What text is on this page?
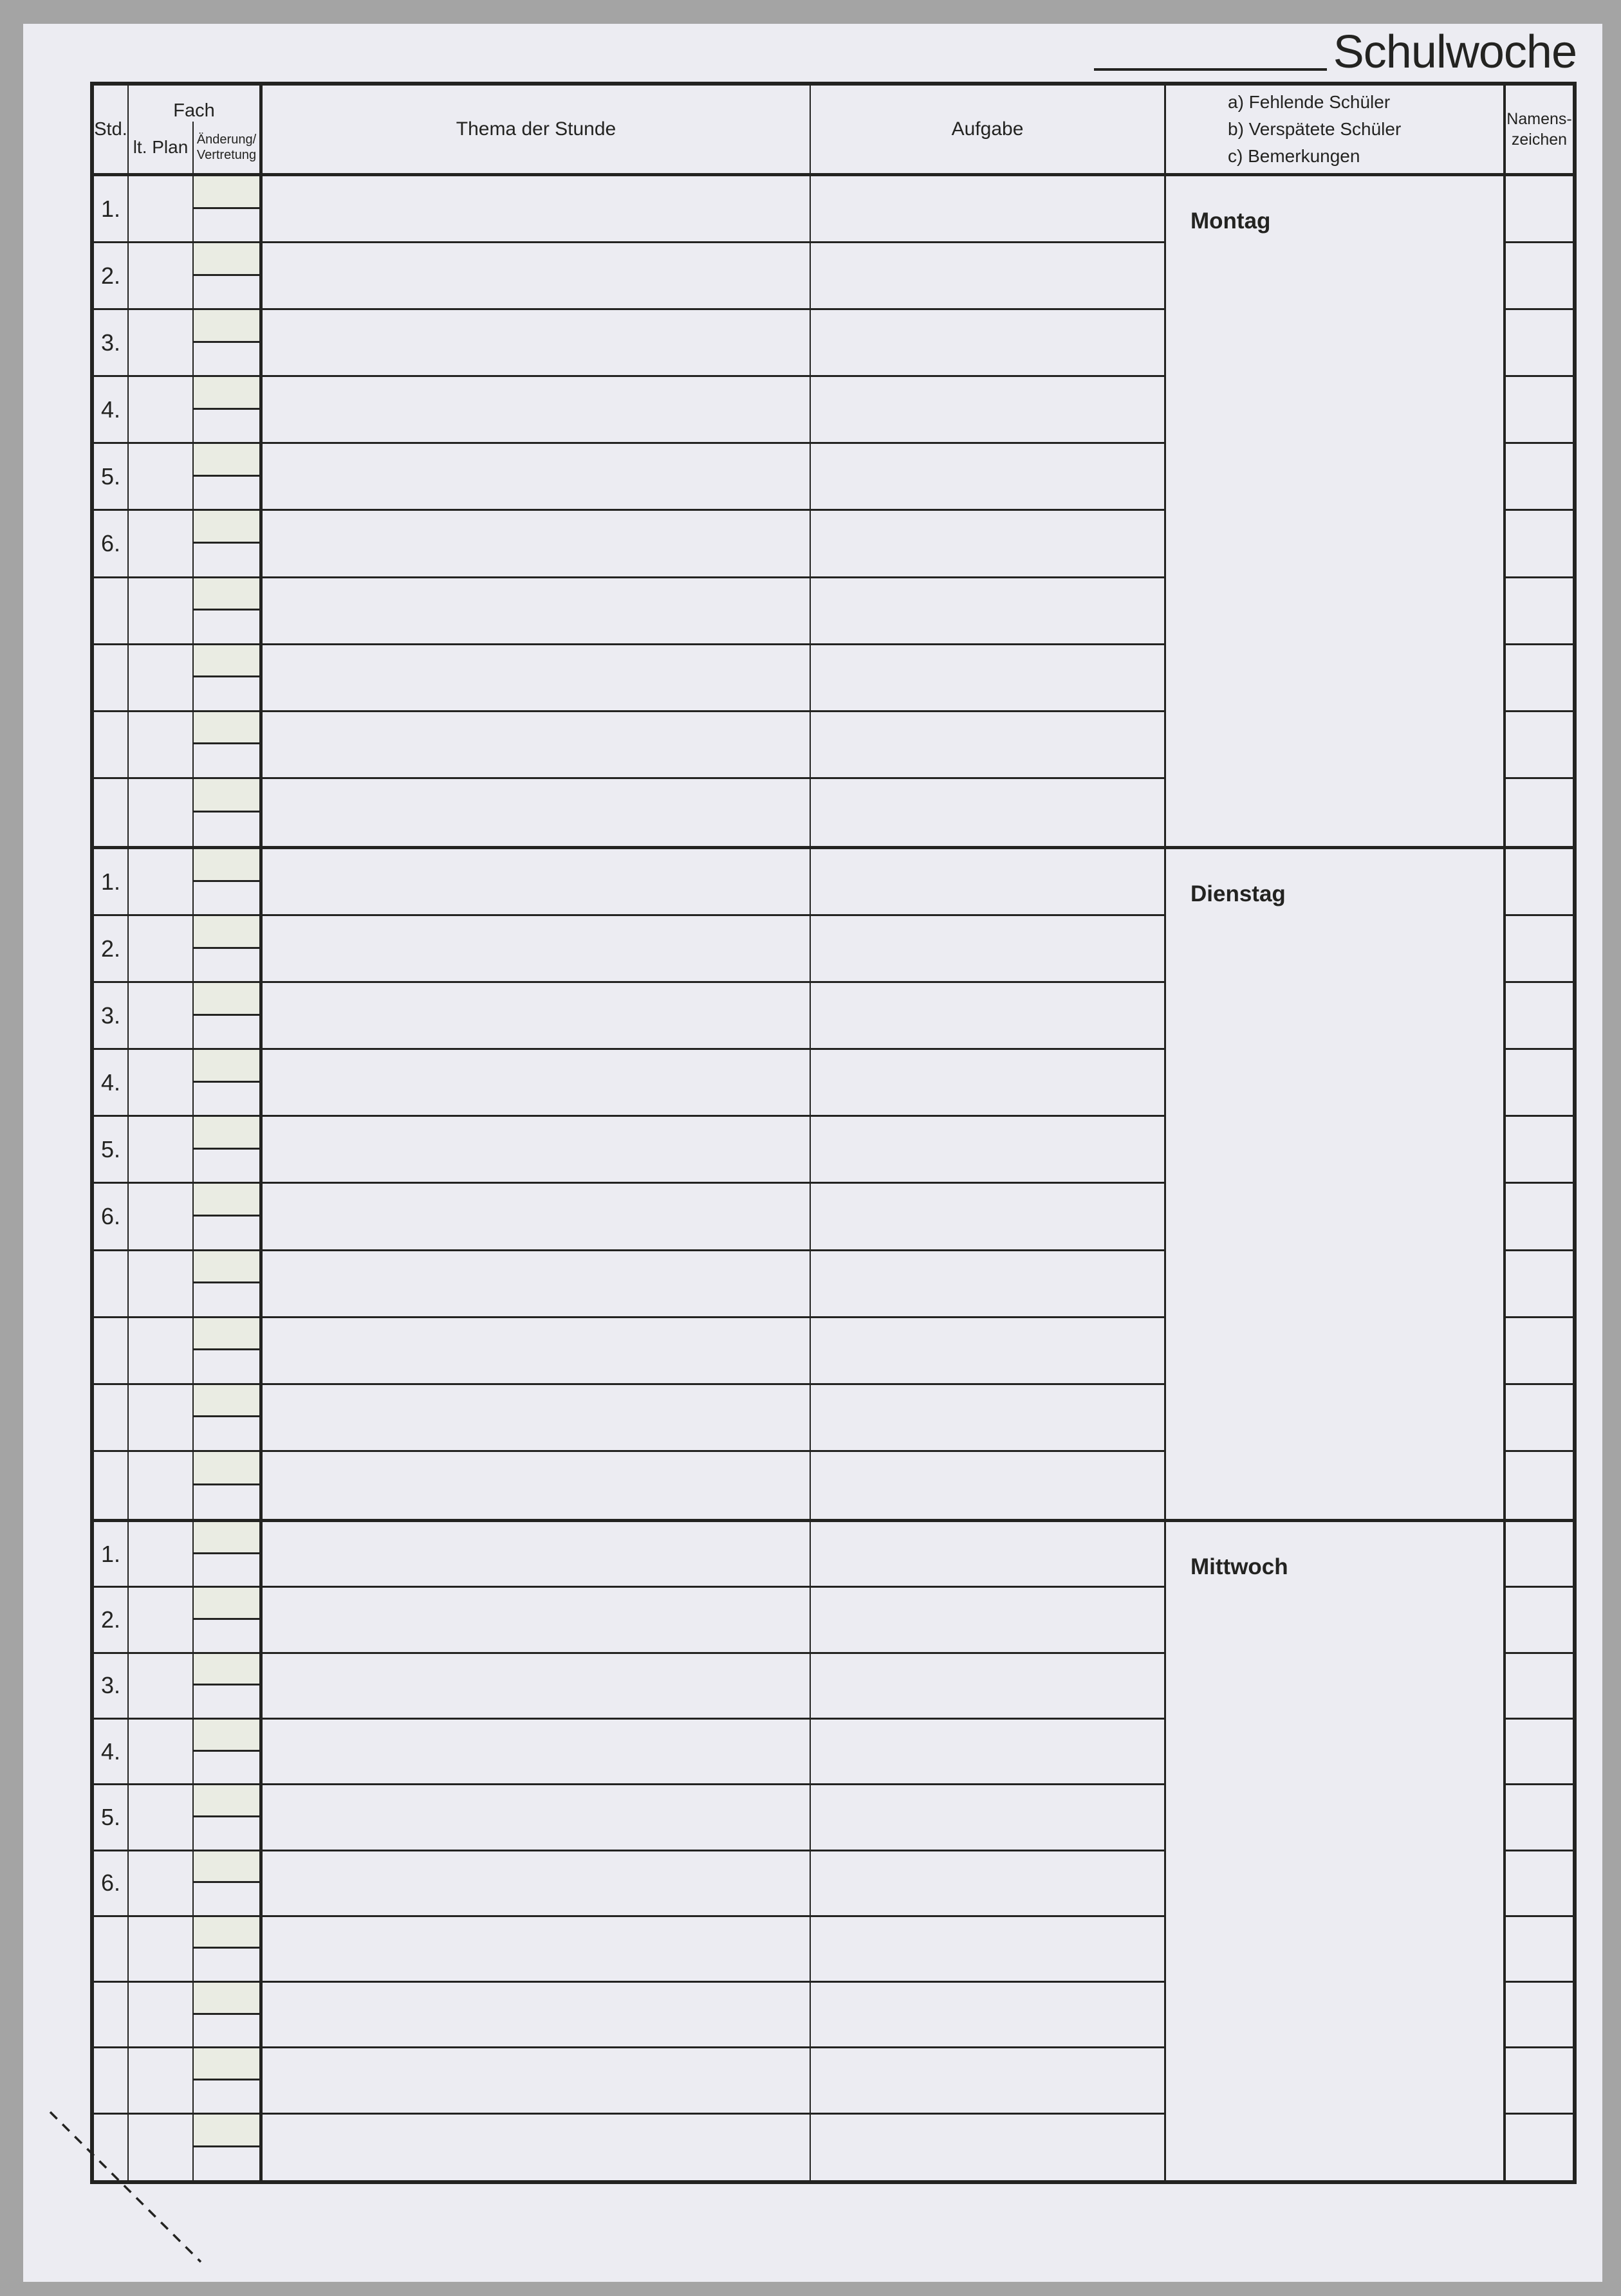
Schulwoche
Std.
Fach
lt. Plan Änderung/
Vertretung
Thema der Stunde	Aufgabe
a) Fehlende Schüler
b) Verspätete Schüler
c) Bemerkungen
Namens-
zeichen
Montag
1.
2.
3.
4.
5.
6.
Dienstag
1.
2.
3.
4.
5.
6.
Mittwoch
1.
2.
3.
4.
5.
6.
